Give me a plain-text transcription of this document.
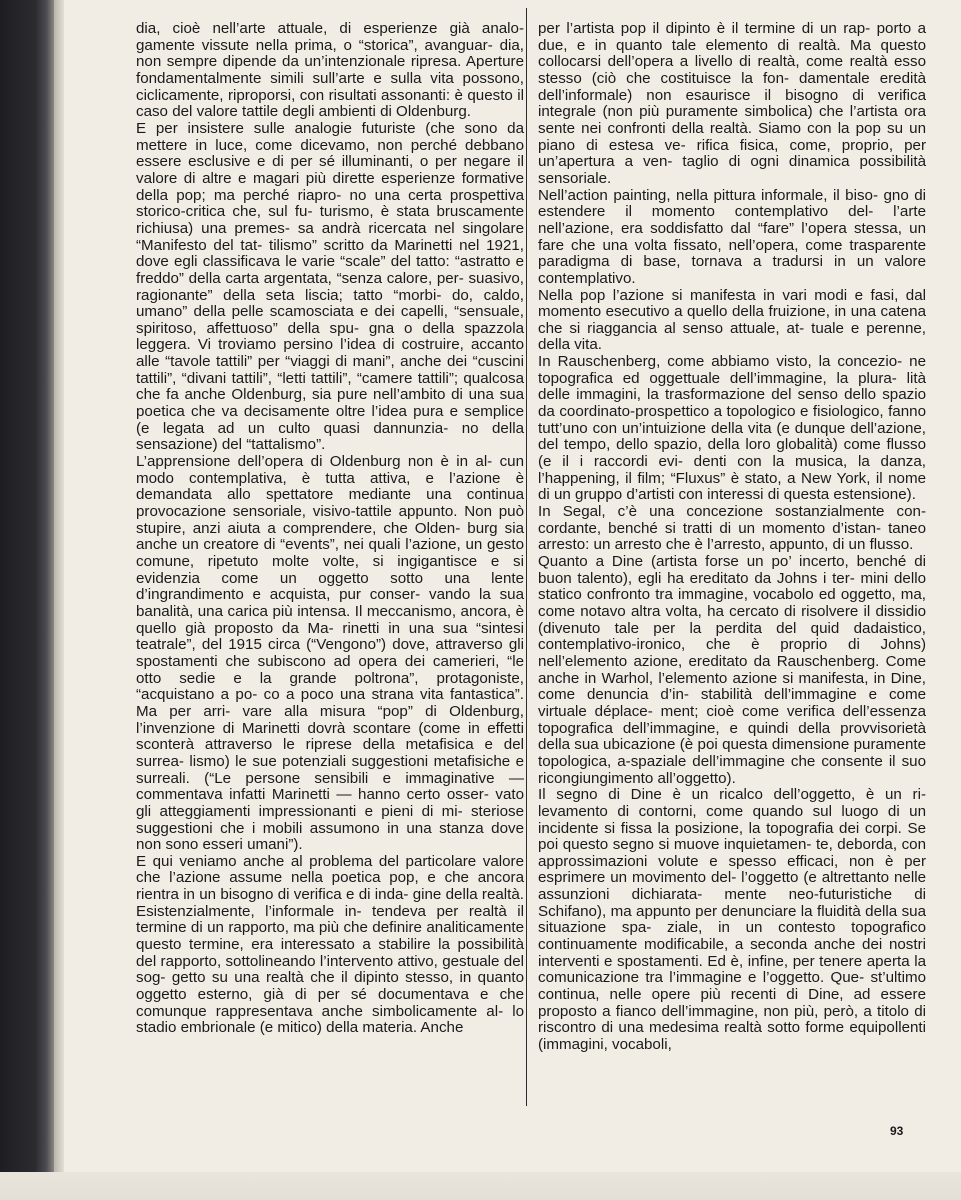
dia, cioè nell’arte attuale, di esperienze già analo- gamente vissute nella prima, o “storica”, avanguar- dia, non sempre dipende da un’intenzionale ripresa. Aperture fondamentalmente simili sull’arte e sulla vita possono, ciclicamente, riproporsi, con risultati assonanti: è questo il caso del valore tattile degli ambienti di Oldenburg.

E per insistere sulle analogie futuriste (che sono da mettere in luce, come dicevamo, non perché debbano essere esclusive e di per sé illuminanti, o per negare il valore di altre e magari più dirette esperienze formative della pop; ma perché riapro- no una certa prospettiva storico-critica che, sul fu- turismo, è stata bruscamente richiusa) una premes- sa andrà ricercata nel singolare “Manifesto del tat- tilismo” scritto da Marinetti nel 1921, dove egli classificava le varie “scale” del tatto: “astratto e freddo” della carta argentata, “senza calore, per- suasivo, ragionante” della seta liscia; tatto “morbi- do, caldo, umano” della pelle scamosciata e dei capelli, “sensuale, spiritoso, affettuoso” della spu- gna o della spazzola leggera. Vi troviamo persino l’idea di costruire, accanto alle “tavole tattili” per “viaggi di mani”, anche dei “cuscini tattili”, “divani tattili”, “letti tattili”, “camere tattili”; qualcosa che fa anche Oldenburg, sia pure nell’ambito di una sua poetica che va decisamente oltre l’idea pura e semplice (e legata ad un culto quasi dannunzia- no della sensazione) del “tattalismo”.

L’apprensione dell’opera di Oldenburg non è in al- cun modo contemplativa, è tutta attiva, e l’azione è demandata allo spettatore mediante una continua provocazione sensoriale, visivo-tattile appunto. Non può stupire, anzi aiuta a comprendere, che Olden- burg sia anche un creatore di “events”, nei quali l’azione, un gesto comune, ripetuto molte volte, si ingigantisce e si evidenzia come un oggetto sotto una lente d’ingrandimento e acquista, pur conser- vando la sua banalità, una carica più intensa. Il meccanismo, ancora, è quello già proposto da Ma- rinetti in una sua “sintesi teatrale”, del 1915 circa (“Vengono”) dove, attraverso gli spostamenti che subiscono ad opera dei camerieri, “le otto sedie e la grande poltrona”, protagoniste, “acquistano a po- co a poco una strana vita fantastica”. Ma per arri- vare alla misura “pop” di Oldenburg, l’invenzione di Marinetti dovrà scontare (come in effetti sconterà attraverso le riprese della metafisica e del surrea- lismo) le sue potenziali suggestioni metafisiche e surreali. (“Le persone sensibili e immaginative — commentava infatti Marinetti — hanno certo osser- vato gli atteggiamenti impressionanti e pieni di mi- steriose suggestioni che i mobili assumono in una stanza dove non sono esseri umani”).

E qui veniamo anche al problema del particolare valore che l’azione assume nella poetica pop, e che ancora rientra in un bisogno di verifica e di inda- gine della realtà. Esistenzialmente, l’informale in- tendeva per realtà il termine di un rapporto, ma più che definire analiticamente questo termine, era interessato a stabilire la possibilità del rapporto, sottolineando l’intervento attivo, gestuale del sog- getto su una realtà che il dipinto stesso, in quanto oggetto esterno, già di per sé documentava e che comunque rappresentava anche simbolicamente al- lo stadio embrionale (e mitico) della materia. Anche

per l’artista pop il dipinto è il termine di un rap- porto a due, e in quanto tale elemento di realtà. Ma questo collocarsi dell’opera a livello di realtà, come realtà esso stesso (ciò che costituisce la fon- damentale eredità dell’informale) non esaurisce il bisogno di verifica integrale (non più puramente simbolica) che l’artista ora sente nei confronti della realtà. Siamo con la pop su un piano di estesa ve- rifica fisica, come, proprio, per un’apertura a ven- taglio di ogni dinamica possibilità sensoriale.

Nell’action painting, nella pittura informale, il biso- gno di estendere il momento contemplativo del- l’arte nell’azione, era soddisfatto dal “fare” l’opera stessa, un fare che una volta fissato, nell’opera, come trasparente paradigma di base, tornava a tradursi in un valore contemplativo.

Nella pop l’azione si manifesta in vari modi e fasi, dal momento esecutivo a quello della fruizione, in una catena che si riaggancia al senso attuale, at- tuale e perenne, della vita.

In Rauschenberg, come abbiamo visto, la concezio- ne topografica ed oggettuale dell’immagine, la plura- lità delle immagini, la trasformazione del senso dello spazio da coordinato-prospettico a topologico e fisiologico, fanno tutt’uno con un’intuizione della vita (e dunque dell’azione, del tempo, dello spazio, della loro globalità) come flusso (e il i raccordi evi- denti con la musica, la danza, l’happening, il film; “Fluxus” è stato, a New York, il nome di un gruppo d’artisti con interessi di questa estensione).

In Segal, c’è una concezione sostanzialmente con- cordante, benché si tratti di un momento d’istan- taneo arresto: un arresto che è l’arresto, appunto, di un flusso.

Quanto a Dine (artista forse un po’ incerto, benché di buon talento), egli ha ereditato da Johns i ter- mini dello statico confronto tra immagine, vocabolo ed oggetto, ma, come notavo altra volta, ha cercato di risolvere il dissidio (divenuto tale per la perdita del quid dadaistico, contemplativo-ironico, che è proprio di Johns) nell’elemento azione, ereditato da Rauschenberg. Come anche in Warhol, l’elemento azione si manifesta, in Dine, come denuncia d’in- stabilità dell’immagine e come virtuale déplace- ment; cioè come verifica dell’essenza topografica dell’immagine, e quindi della provvisorietà della sua ubicazione (è poi questa dimensione puramente topologica, a-spaziale dell’immagine che consente il suo ricongiungimento all’oggetto).

Il segno di Dine è un ricalco dell’oggetto, è un ri- levamento di contorni, come quando sul luogo di un incidente si fissa la posizione, la topografia dei corpi. Se poi questo segno si muove inquietamen- te, deborda, con approssimazioni volute e spesso efficaci, non è per esprimere un movimento del- l’oggetto (e altrettanto nelle assunzioni dichiarata- mente neo-futuristiche di Schifano), ma appunto per denunciare la fluidità della sua situazione spa- ziale, in un contesto topografico continuamente modificabile, a seconda anche dei nostri interventi e spostamenti. Ed è, infine, per tenere aperta la comunicazione tra l’immagine e l’oggetto. Que- st’ultimo continua, nelle opere più recenti di Dine, ad essere proposto a fianco dell’immagine, non più, però, a titolo di riscontro di una medesima realtà sotto forme equipollenti (immagini, vocaboli,

93
